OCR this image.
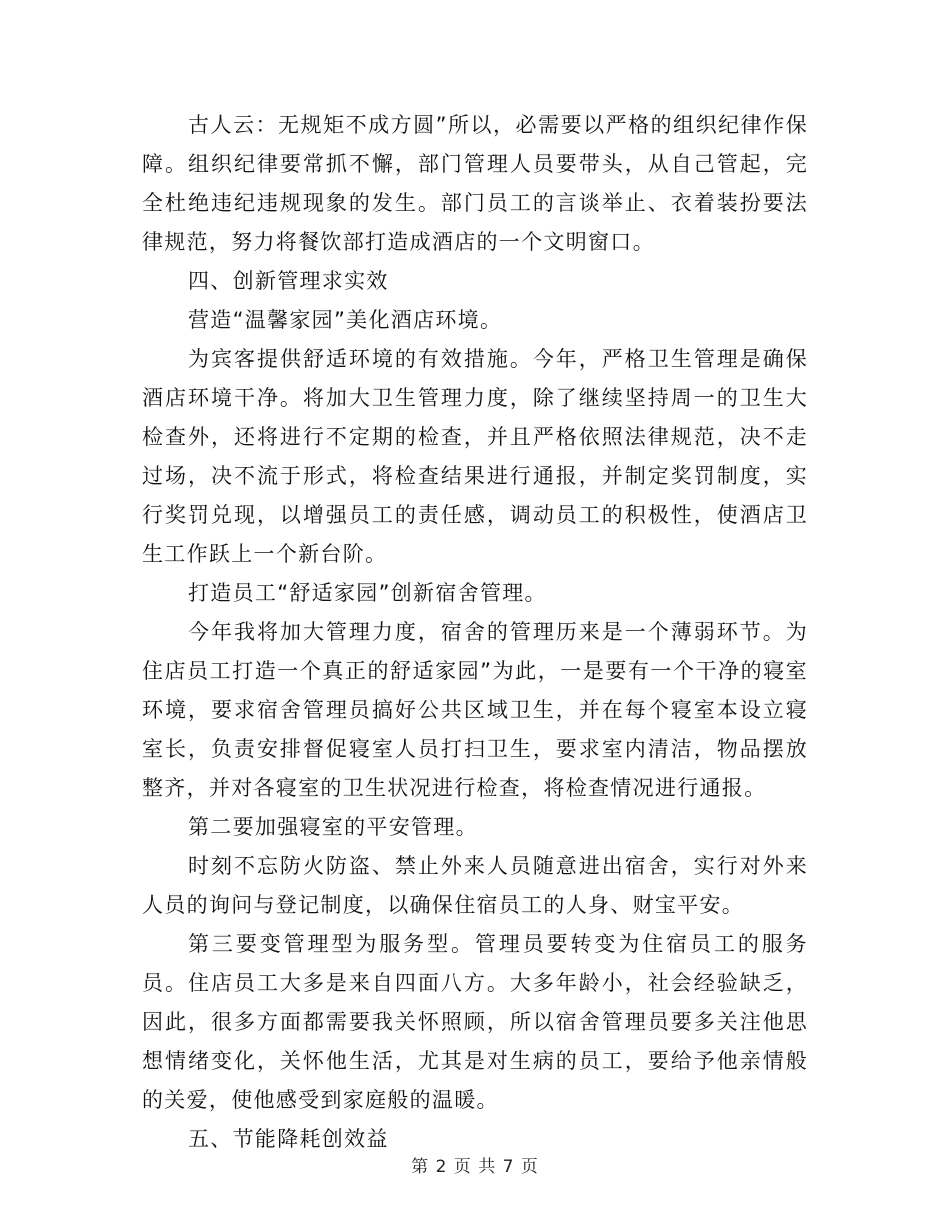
古人云：无规矩不成方圆”所以，必需要以严格的组织纪律作保障。组织纪律要常抓不懈，部门管理人员要带头，从自己管起，完全杜绝违纪违规现象的发生。部门员工的言谈举止、衣着装扮要法律规范，努力将餐饮部打造成酒店的一个文明窗口。

四、创新管理求实效

营造“温馨家园”美化酒店环境。

为宾客提供舒适环境的有效措施。今年，严格卫生管理是确保酒店环境干净。将加大卫生管理力度，除了继续坚持周一的卫生大检查外，还将进行不定期的检查，并且严格依照法律规范，决不走过场，决不流于形式，将检查结果进行通报，并制定奖罚制度，实行奖罚兑现，以增强员工的责任感，调动员工的积极性，使酒店卫生工作跃上一个新台阶。

打造员工“舒适家园”创新宿舍管理。

今年我将加大管理力度，宿舍的管理历来是一个薄弱环节。为住店员工打造一个真正的舒适家园”为此，一是要有一个干净的寝室环境，要求宿舍管理员搞好公共区域卫生，并在每个寝室本设立寝室长，负责安排督促寝室人员打扫卫生，要求室内清洁，物品摆放整齐，并对各寝室的卫生状况进行检查，将检查情况进行通报。

第二要加强寝室的平安管理。

时刻不忘防火防盗、禁止外来人员随意进出宿舍，实行对外来人员的询问与登记制度，以确保住宿员工的人身、财宝平安。

第三要变管理型为服务型。管理员要转变为住宿员工的服务员。住店员工大多是来自四面八方。大多年龄小，社会经验缺乏，因此，很多方面都需要我关怀照顾，所以宿舍管理员要多关注他思想情绪变化，关怀他生活，尤其是对生病的员工，要给予他亲情般的关爱，使他感受到家庭般的温暖。

五、节能降耗创效益

第 2 页 共 7 页
